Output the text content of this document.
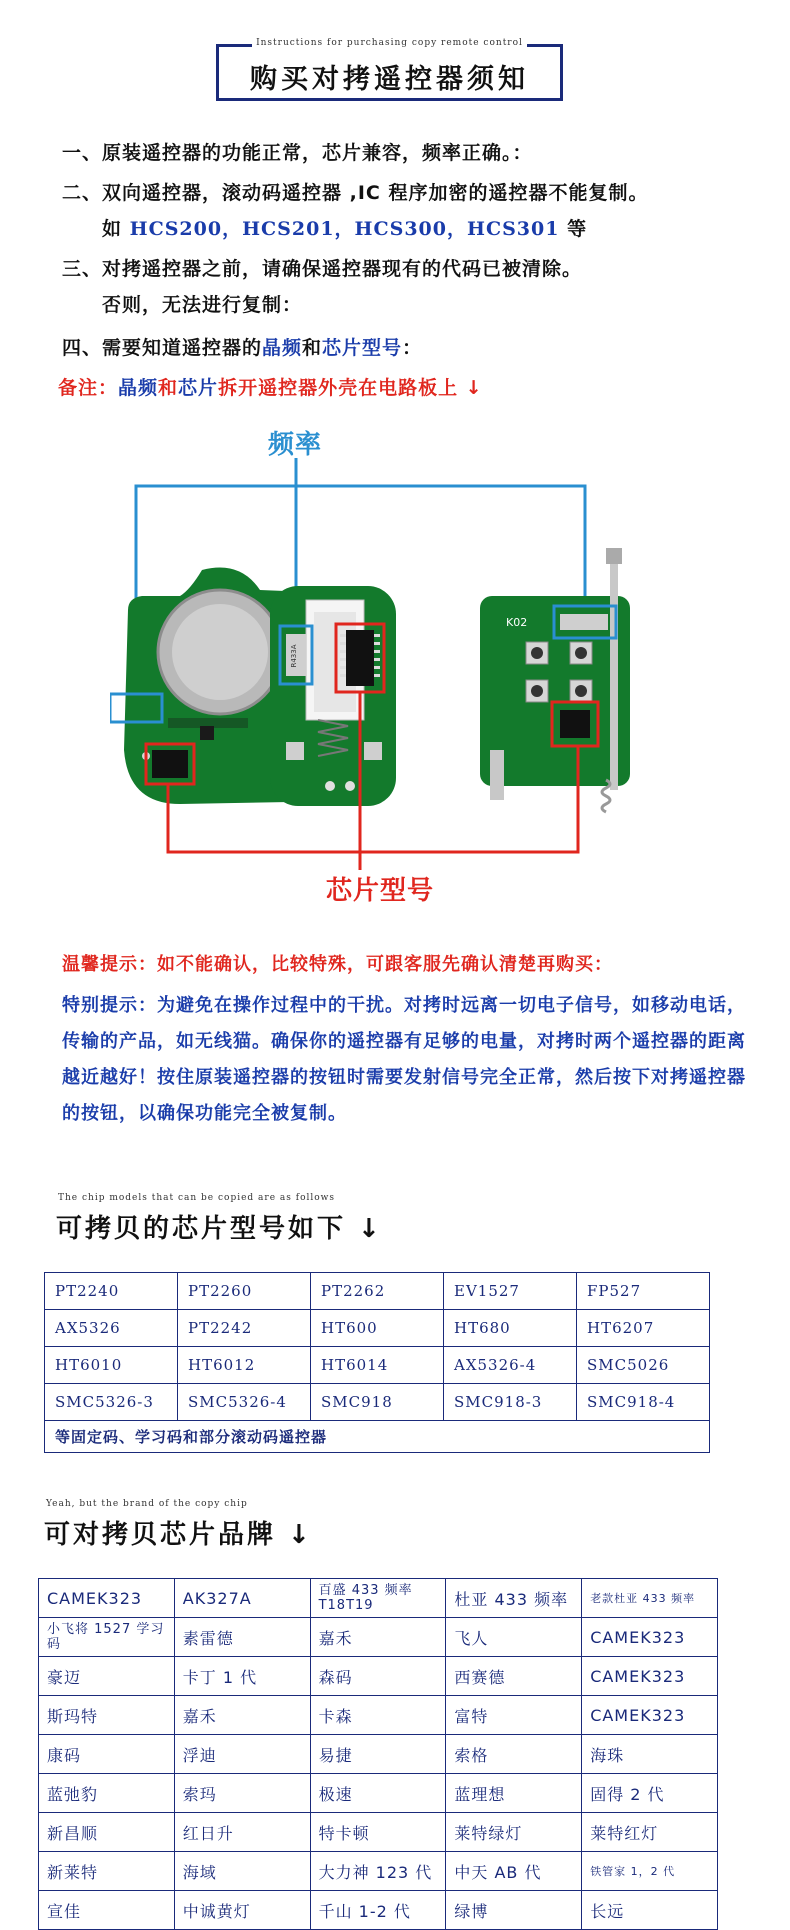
Instructions for purchasing copy remote control
购买对拷遥控器须知
一、原装遥控器的功能正常，芯片兼容，频率正确。：
二、双向遥控器，滚动码遥控器 ,IC 程序加密的遥控器不能复制。
如 HCS200，HCS201，HCS300，HCS301 等
三、对拷遥控器之前，请确保遥控器现有的代码已被清除。
否则，无法进行复制：
四、需要知道遥控器的晶频和芯片型号：
备注：晶频和芯片拆开遥控器外壳在电路板上 ↓
频率
R433A
K02
芯片型号
温馨提示：如不能确认，比较特殊，可跟客服先确认清楚再购买：
特别提示：为避免在操作过程中的干扰。对拷时远离一切电子信号，如移动电话，传输的产品，如无线猫。确保你的遥控器有足够的电量，对拷时两个遥控器的距离越近越好！按住原装遥控器的按钮时需要发射信号完全正常，然后按下对拷遥控器的按钮，以确保功能完全被复制。
The chip models that can be copied are as follows
可拷贝的芯片型号如下 ↓
PT2240	PT2260	PT2262	EV1527	FP527
AX5326	PT2242	HT600	HT680	HT6207
HT6010	HT6012	HT6014	AX5326-4	SMC5026
SMC5326-3	SMC5326-4	SMC918	SMC918-3	SMC918-4
等固定码、学习码和部分滚动码遥控器				
Yeah, but the brand of the copy chip
可对拷贝芯片品牌 ↓
CAMEK323	AK327A	百盛 433 频率 T18T19	杜亚 433 频率	老款杜亚 433 频率
小飞将 1527 学习码	素雷德	嘉禾	飞人	CAMEK323
豪迈	卡丁 1 代	森码	西赛德	CAMEK323
斯玛特	嘉禾	卡森	富特	CAMEK323
康码	浮迪	易捷	索格	海珠
蓝弛豹	索玛	极速	蓝理想	固得 2 代
新昌顺	红日升	特卡顿	莱特绿灯	莱特红灯
新莱特	海域	大力神 123 代	中天 AB 代	铁管家 1，2 代
宣佳	中诚黄灯	千山 1-2 代	绿博	长远
